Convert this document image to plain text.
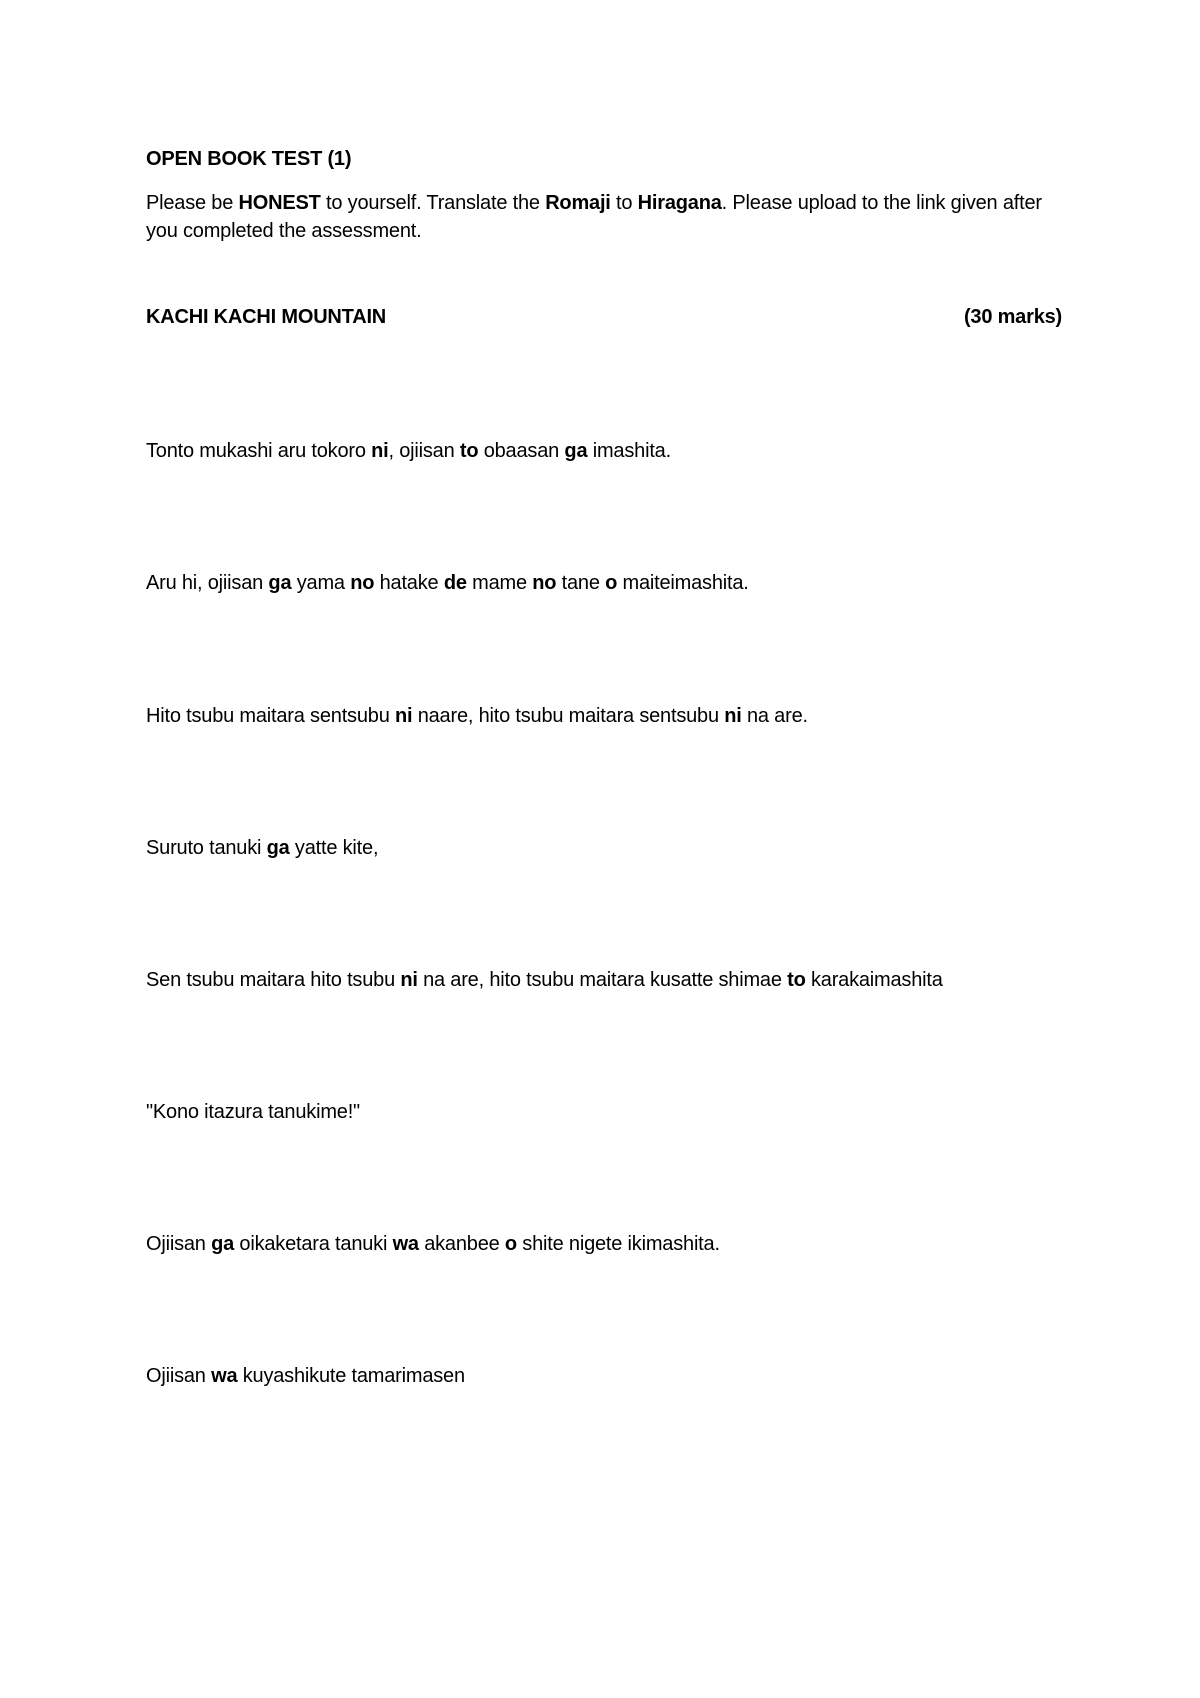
OPEN BOOK TEST (1)
Please be HONEST to yourself. Translate the Romaji to Hiragana. Please upload to the link given after you completed the assessment.
KACHI KACHI MOUNTAIN	(30 marks)
Tonto mukashi aru tokoro ni, ojiisan to obaasan ga imashita.
Aru hi, ojiisan ga yama no hatake de mame no tane o maiteimashita.
Hito tsubu maitara sentsubu ni naare, hito tsubu maitara sentsubu ni na are.
Suruto tanuki ga yatte kite,
Sen tsubu maitara hito tsubu ni na are, hito tsubu maitara kusatte shimae to karakaimashita
"Kono itazura tanukime!"
Ojiisan ga oikaketara tanuki wa akanbee o shite nigete ikimashita.
Ojiisan wa kuyashikute tamarimasen
